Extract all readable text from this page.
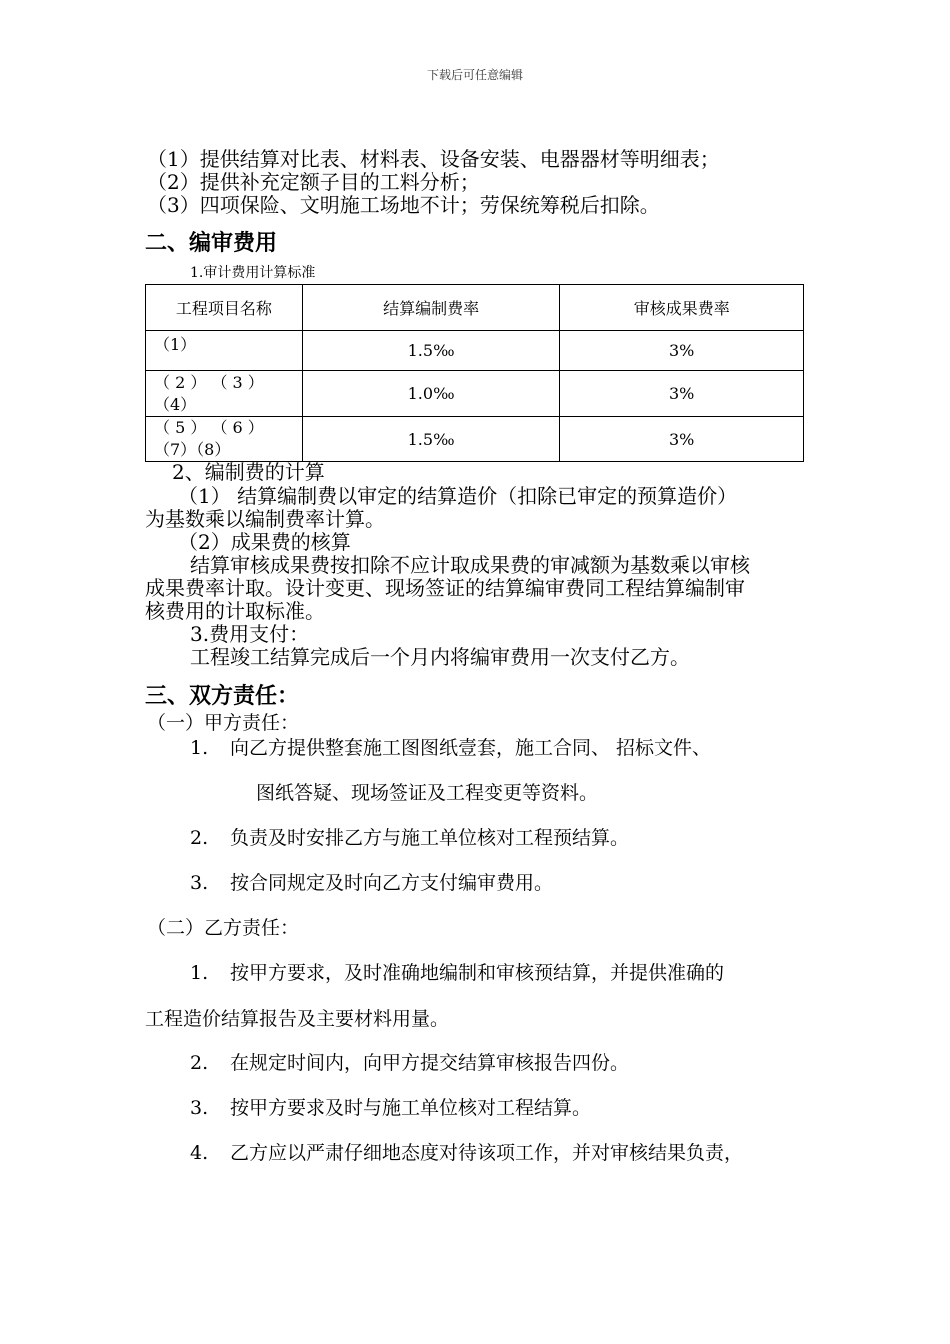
下载后可任意编辑
（1）提供结算对比表、材料表、设备安装、电器器材等明细表；
（2）提供补充定额子目的工料分析；
（3）四项保险、文明施工场地不计；劳保统筹税后扣除。
二、编审费用
1.审计费用计算标准
工程项目名称	结算编制费率	审核成果费率

（1）	1.5‰	3%

（ 2 ） （ 3 ）
（4）	1.0‰	3%

（ 5 ） （ 6 ）
（7）（8）	1.5‰	3%
2、编制费的计算
（1） 结算编制费以审定的结算造价（扣除已审定的预算造价）
为基数乘以编制费率计算。
（2）成果费的核算
结算审核成果费按扣除不应计取成果费的审减额为基数乘以审核
成果费率计取。设计变更、现场签证的结算编审费同工程结算编制审
核费用的计取标准。
3.费用支付：
工程竣工结算完成后一个月内将编审费用一次支付乙方。
三、双方责任：
（一）甲方责任：
1. 向乙方提供整套施工图图纸壹套，施工合同、 招标文件、
图纸答疑、现场签证及工程变更等资料。
2. 负责及时安排乙方与施工单位核对工程预结算。
3. 按合同规定及时向乙方支付编审费用。
（二）乙方责任：
1. 按甲方要求，及时准确地编制和审核预结算，并提供准确的
工程造价结算报告及主要材料用量。
2. 在规定时间内，向甲方提交结算审核报告四份。
3. 按甲方要求及时与施工单位核对工程结算。
4. 乙方应以严肃仔细地态度对待该项工作，并对审核结果负责，
